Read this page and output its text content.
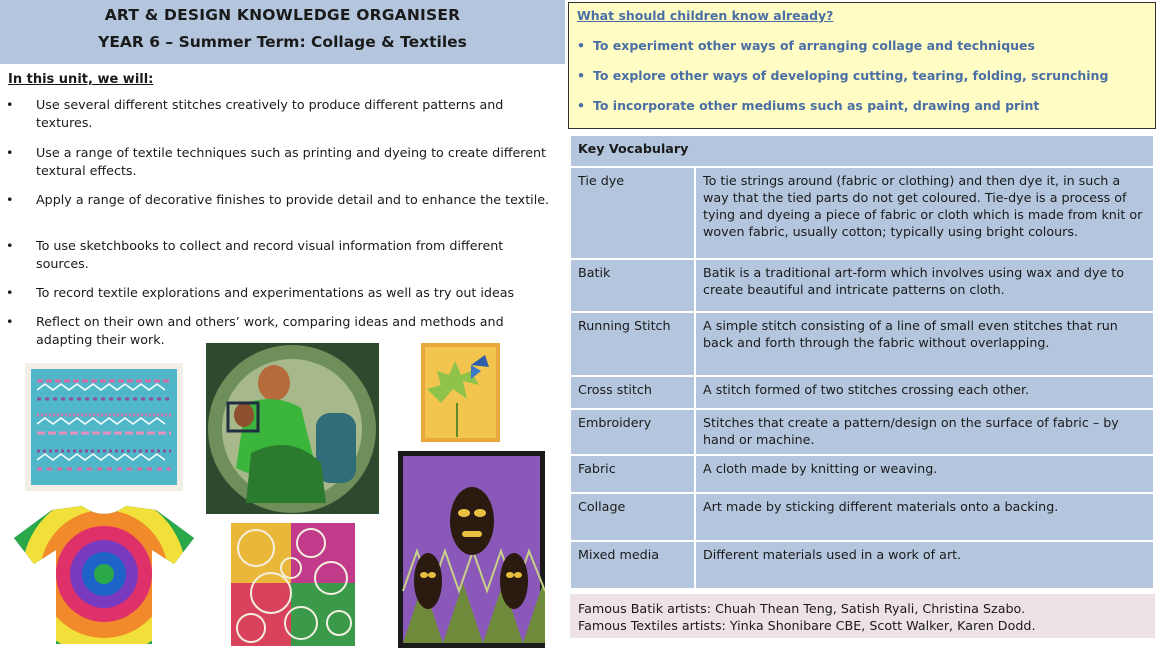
ART & DESIGN KNOWLEDGE ORGANISER
YEAR 6 – Summer Term: Collage & Textiles
In this unit, we will:
• Use several different stitches creatively to produce different patterns and textures.
• Use a range of textile techniques such as printing and dyeing to create different textural effects.
• Apply a range of decorative finishes to provide detail and to enhance the textile.
• To use sketchbooks to collect and record visual information from different sources.
• To record textile explorations and experimentations as well as try out ideas
• Reflect on their own and others’ work, comparing ideas and methods and adapting their work.
What should children know already?
• To experiment other ways of arranging collage and techniques
• To explore other ways of developing cutting, tearing, folding, scrunching
• To incorporate other mediums such as paint, drawing and print
Key Vocabulary	
Tie dye	To tie strings around (fabric or clothing) and then dye it, in such a way that the tied parts do not get coloured. Tie-dye is a process of tying and dyeing a piece of fabric or cloth which is made from knit or woven fabric, usually cotton; typically using bright colours.
Batik	Batik is a traditional art-form which involves using wax and dye to create beautiful and intricate patterns on cloth.
Running Stitch	A simple stitch consisting of a line of small even stitches that run back and forth through the fabric without overlapping.
Cross stitch	A stitch formed of two stitches crossing each other.
Embroidery	Stitches that create a pattern/design on the surface of fabric – by hand or machine.
Fabric	A cloth made by knitting or weaving.
Collage	Art made by sticking different materials onto a backing.
Mixed media	Different materials used in a work of art.
Famous Batik artists: Chuah Thean Teng, Satish Ryali, Christina Szabo.
Famous Textiles artists: Yinka Shonibare CBE, Scott Walker, Karen Dodd.
